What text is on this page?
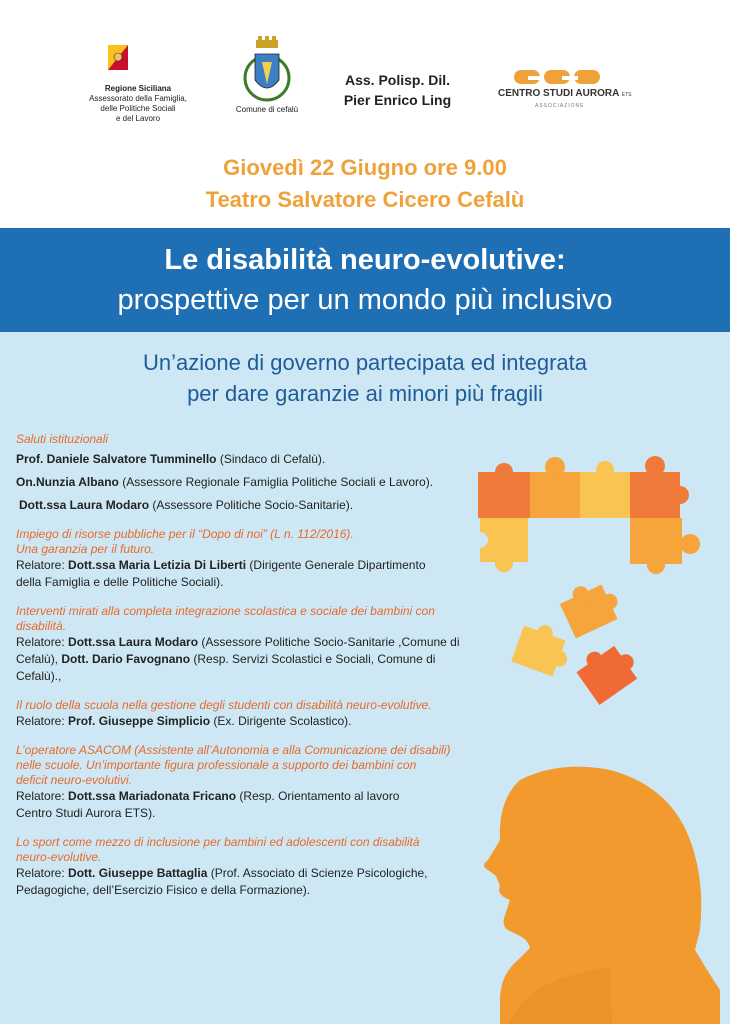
Regione Siciliana
Assessorato della Famiglia,
delle Politiche Sociali
e del Lavoro
Comune di cefalù
Ass. Polisp. Dil.
Pier Enrico Ling	CENTRO STUDI AURORA ETS
ASSOCIAZIONE
Giovedì 22 Giugno ore 9.00
Teatro Salvatore Cicero Cefalù
Le disabilità neuro-evolutive:
prospettive per un mondo più inclusivo
Un’azione di governo partecipata ed integrata
per dare garanzie ai minori più fragili
Saluti istituzionali

Prof. Daniele Salvatore Tumminello (Sindaco di Cefalù).

On.Nunzia Albano (Assessore Regionale Famiglia Politiche Sociali e Lavoro).

Dott.ssa Laura Modaro (Assessore Politiche Socio-Sanitarie).

Impiego di risorse pubbliche per il “Dopo di noi” (L n. 112/2016).
Una garanzia per il futuro.

Relatore: Dott.ssa Maria Letizia Di Liberti (Dirigente Generale Dipartimento

della Famiglia e delle Politiche Sociali).

Interventi mirati alla completa integrazione scolastica e sociale dei bambini con
disabilità.

Relatore: Dott.ssa Laura Modaro (Assessore Politiche Socio-Sanitarie ,Comune di

Cefalù), Dott. Dario Favognano (Resp. Servizi Scolastici e Sociali, Comune di

Cefalù).,

Il ruolo della scuola nella gestione degli studenti con disabilità neuro-evolutive.

Relatore: Prof. Giuseppe Simplicio (Ex. Dirigente Scolastico).

L’operatore ASACOM (Assistente all’Autonomia e alla Comunicazione dei disabili)
nelle scuole. Un’importante figura professionale a supporto dei bambini con
deficit neuro-evolutivi.

Relatore: Dott.ssa Mariadonata Fricano (Resp. Orientamento al lavoro

Centro Studi Aurora ETS).

Lo sport come mezzo di inclusione per bambini ed adolescenti con disabilità
neuro-evolutive.

Relatore: Dott. Giuseppe Battaglia (Prof. Associato di Scienze Psicologiche,

Pedagogiche, dell’Esercizio Fisico e della Formazione).
